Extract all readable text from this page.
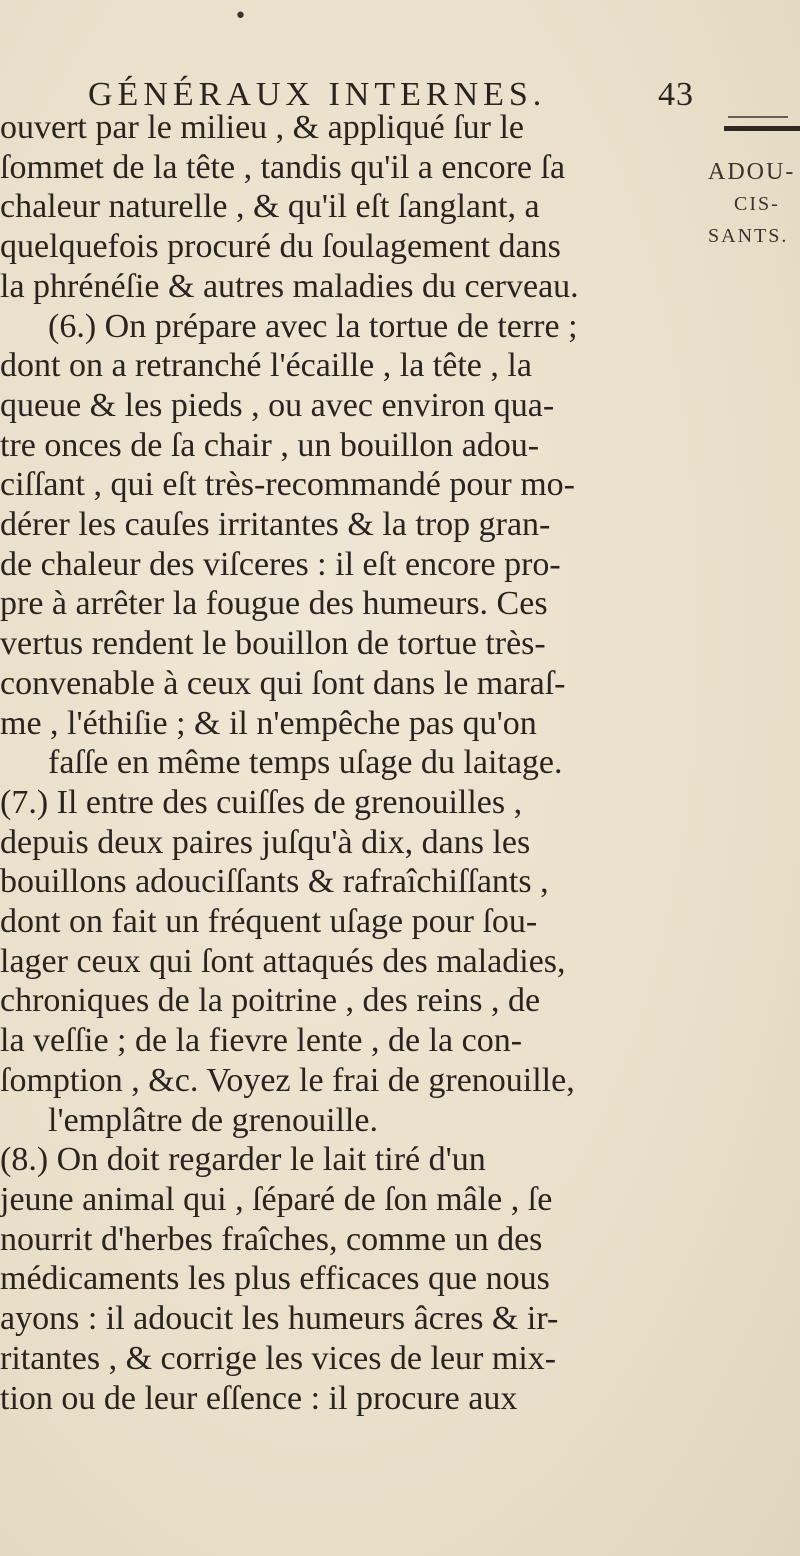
•
GÉNÉRAUX INTERNES.	43
ADOU-
CIS-
SANTS.
ouvert par le milieu , & appliqué ſur le
ſommet de la tête , tandis qu'il a encore ſa
chaleur naturelle , & qu'il eſt ſanglant, a
quelquefois procuré du ſoulagement dans
la phrénéſie & autres maladies du cerveau.
(6.) On prépare avec la tortue de terre ;
dont on a retranché l'écaille , la tête , la
queue & les pieds , ou avec environ qua-
tre onces de ſa chair , un bouillon adou-
ciſſant , qui eſt très-recommandé pour mo-
dérer les cauſes irritantes & la trop gran-
de chaleur des viſceres : il eſt encore pro-
pre à arrêter la fougue des humeurs. Ces
vertus rendent le bouillon de tortue très-
convenable à ceux qui ſont dans le maraſ-
me , l'éthiſie ; & il n'empêche pas qu'on
faſſe en même temps uſage du laitage.
(7.) Il entre des cuiſſes de grenouilles ,
depuis deux paires juſqu'à dix, dans les
bouillons adouciſſants & rafraîchiſſants ,
dont on fait un fréquent uſage pour ſou-
lager ceux qui ſont attaqués des maladies,
chroniques de la poitrine , des reins , de
la veſſie ; de la fievre lente , de la con-
ſomption , &c. Voyez le frai de grenouille,
l'emplâtre de grenouille.
(8.) On doit regarder le lait tiré d'un
jeune animal qui , ſéparé de ſon mâle , ſe
nourrit d'herbes fraîches, comme un des
médicaments les plus efficaces que nous
ayons : il adoucit les humeurs âcres & ir-
ritantes , & corrige les vices de leur mix-
tion ou de leur eſſence : il procure aux
